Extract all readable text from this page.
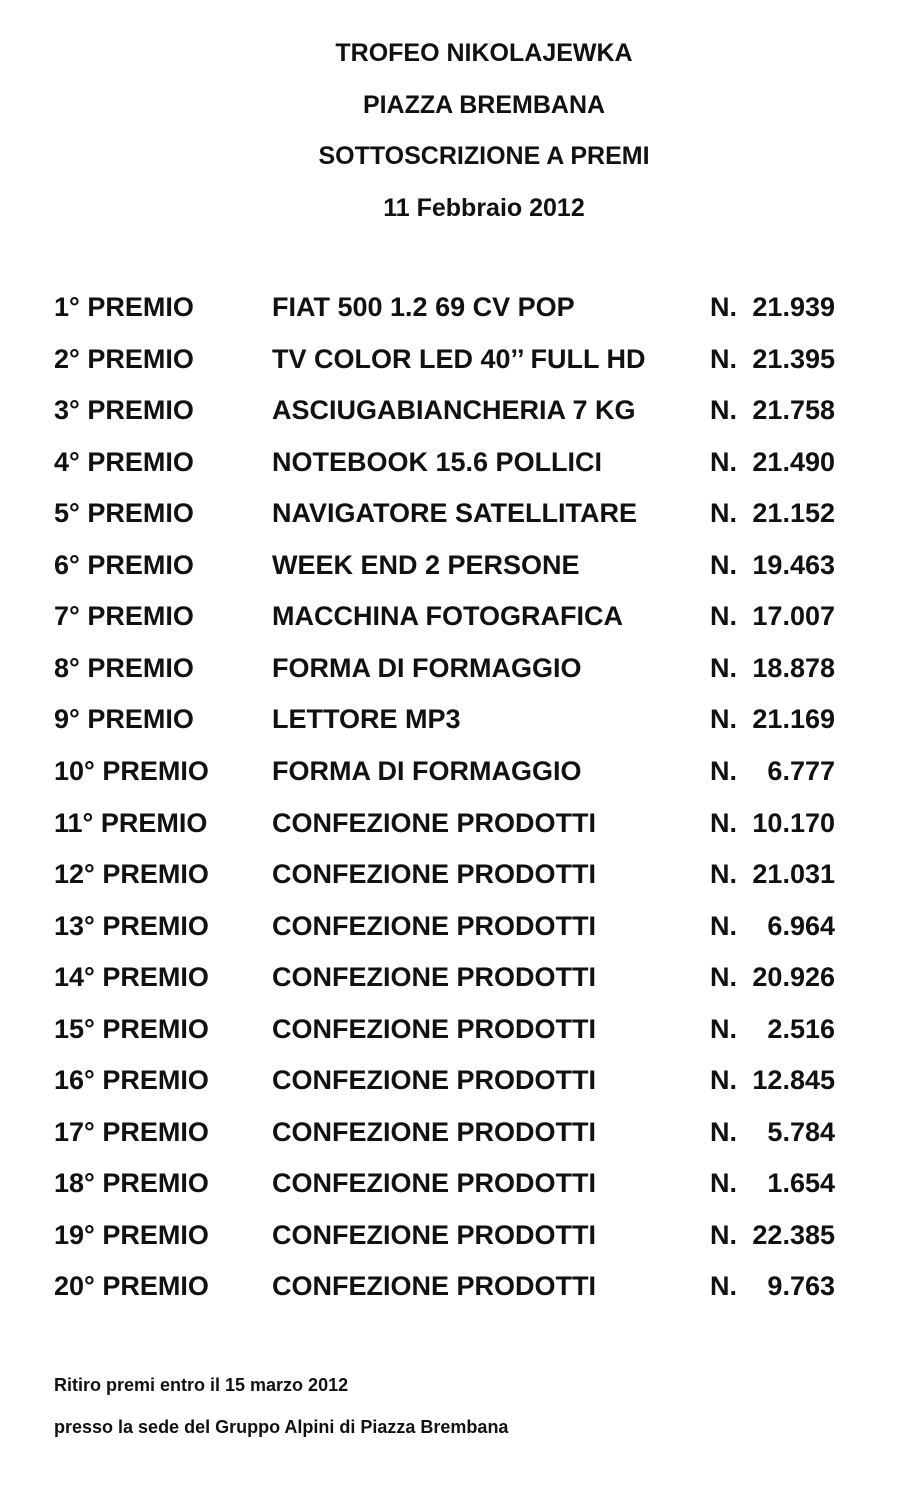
TROFEO NIKOLAJEWKA
PIAZZA BREMBANA
SOTTOSCRIZIONE A PREMI
11 Febbraio 2012
1° PREMIO	FIAT 500 1.2 69 CV POP	N. 21.939
2° PREMIO	TV COLOR LED 40’’ FULL HD N. 21.395
3° PREMIO	ASCIUGABIANCHERIA 7 KG	N. 21.758
4° PREMIO	NOTEBOOK 15.6 POLLICI	N. 21.490
5° PREMIO	NAVIGATORE SATELLITARE	N. 21.152
6° PREMIO	WEEK END 2 PERSONE	N. 19.463
7° PREMIO	MACCHINA FOTOGRAFICA	N. 17.007
8° PREMIO	FORMA DI FORMAGGIO	N. 18.878
9° PREMIO	LETTORE MP3	N. 21.169
10° PREMIO FORMA DI FORMAGGIO	N. 6.777
11° PREMIO CONFEZIONE PRODOTTI	N. 10.170
12° PREMIO CONFEZIONE PRODOTTI	N. 21.031
13° PREMIO CONFEZIONE PRODOTTI	N. 6.964
14° PREMIO CONFEZIONE PRODOTTI	N. 20.926
15° PREMIO CONFEZIONE PRODOTTI	N. 2.516
16° PREMIO CONFEZIONE PRODOTTI	N. 12.845
17° PREMIO CONFEZIONE PRODOTTI	N. 5.784
18° PREMIO CONFEZIONE PRODOTTI	N. 1.654
19° PREMIO CONFEZIONE PRODOTTI	N. 22.385
20° PREMIO CONFEZIONE PRODOTTI	N. 9.763
Ritiro premi entro il 15 marzo 2012
presso la sede del Gruppo Alpini di Piazza Brembana
